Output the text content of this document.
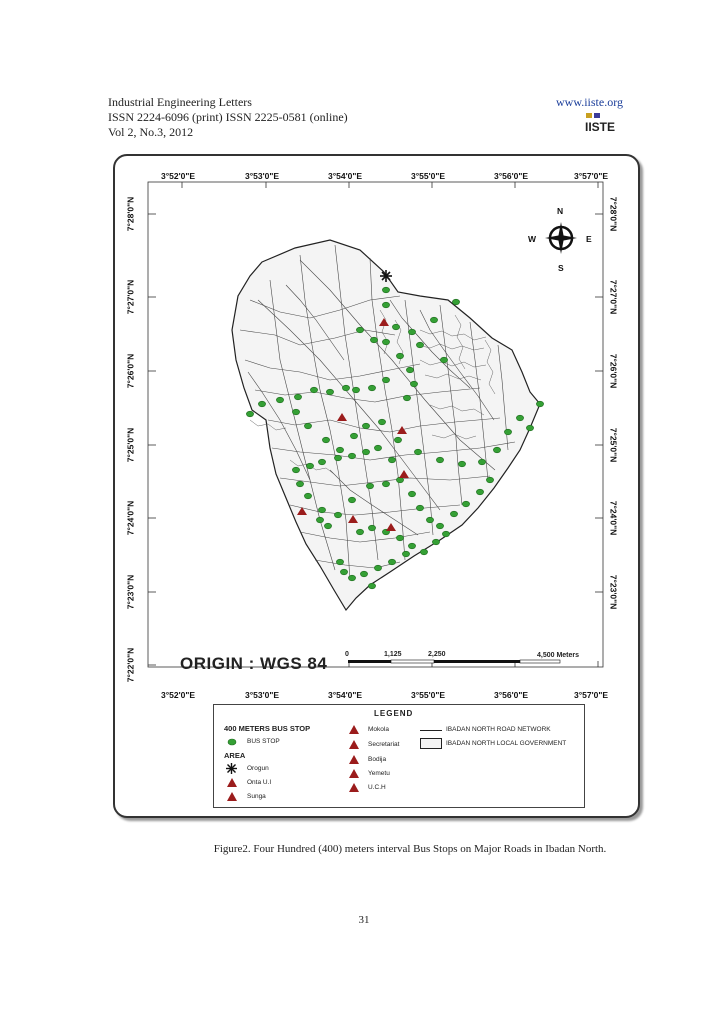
Industrial Engineering Letters
ISSN 2224-6096 (print) ISSN 2225-0581 (online)
Vol 2, No.3, 2012
www.iiste.org
IISTE
N
S
E
W
3°52'0"E	3°53'0"E	3°54'0"E	3°55'0"E	3°56'0"E	3°57'0"E
3°52'0"E	3°53'0"E	3°54'0"E	3°55'0"E	3°56'0"E	3°57'0"E
7°28'0"N
7°27'0"N
7°26'0"N
7°25'0"N
7°24'0"N
7°23'0"N
7°22'0"N
7°28'0"N
7°27'0"N
7°26'0"N
7°25'0"N
7°24'0"N
7°23'0"N
ORIGIN : WGS 84	0	1,125	2,250	4,500 Meters
LEGEND
400 METERS BUS STOP
BUS STOP
AREA
Orogun
Onta U.I
Sunga
Mokola
Secretariat
Bodija
Yemetu
U.C.H
IBADAN NORTH ROAD NETWORK
IBADAN NORTH LOCAL GOVERNMENT
Figure2. Four Hundred (400) meters interval Bus Stops on Major Roads in Ibadan North.
31
